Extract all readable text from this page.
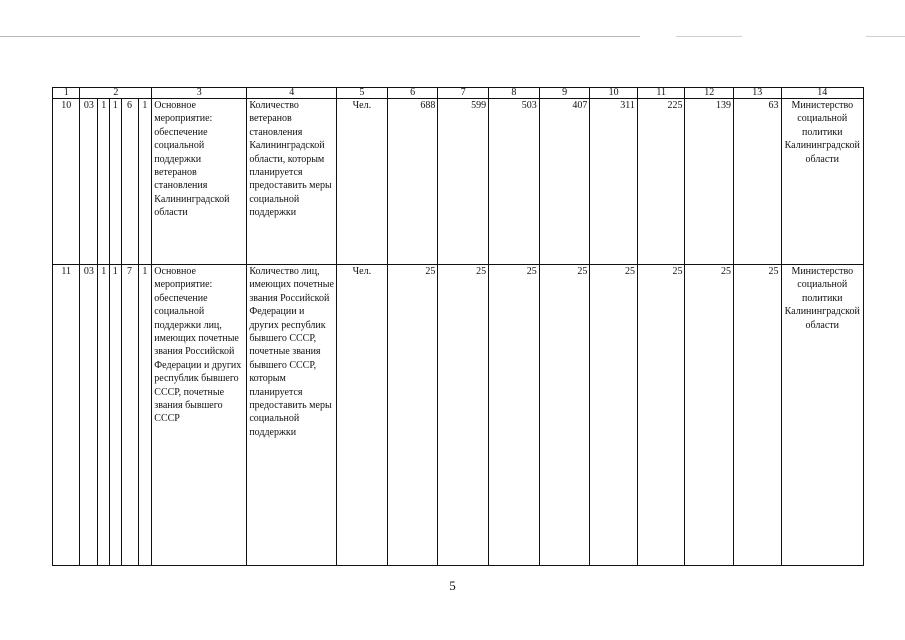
1	2					3	4	5	6	7	8	9	10	11	12	13	14
10	03	1	1	6	1	Основное мероприятие: обеспечение социальной поддержки ветеранов становления Калининградской области	Количество ветеранов становления Калининградской области, которым планируется предоставить меры социальной поддержки	Чел.	688	599	503	407	311	225	139	63	Министерство социальной политики Калининградской области
11	03	1	1	7	1	Основное мероприятие: обеспечение социальной поддержки лиц, имеющих почетные звания Российской Федерации и других республик бывшего СССР, почетные звания бывшего СССР	Количество лиц, имеющих почетные звания Российской Федерации и других республик бывшего СССР, почетные звания бывшего СССР, которым планируется предоставить меры социальной поддержки	Чел.	25	25	25	25	25	25	25	25	Министерство социальной политики Калининградской области
5
